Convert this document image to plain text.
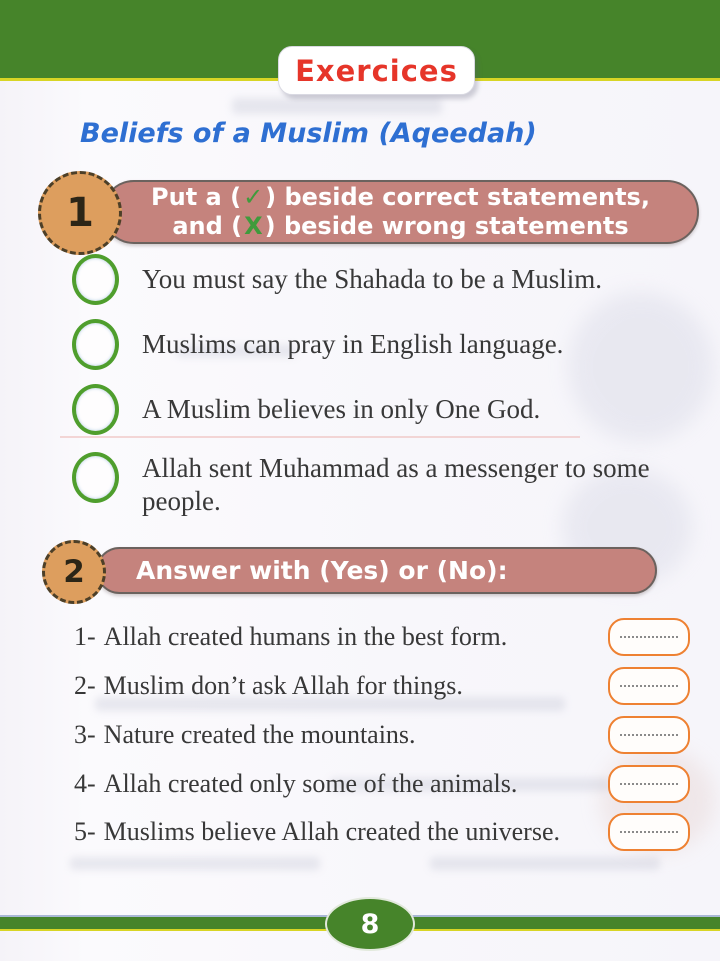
Exercices
Beliefs of a Muslim (Aqeedah)
1 Put a (✓) beside correct statements,
and (X) beside wrong statements
You must say the Shahada to be a Muslim.
Muslims can pray in English language.
A Muslim believes in only One God.
Allah sent Muhammad as a messenger to some people.
2 Answer with (Yes) or (No):
1- Allah created humans in the best form.
2- Muslim don’t ask Allah for things.
3- Nature created the mountains.
4- Allah created only some of the animals.
5- Muslims believe Allah created the universe.
8
